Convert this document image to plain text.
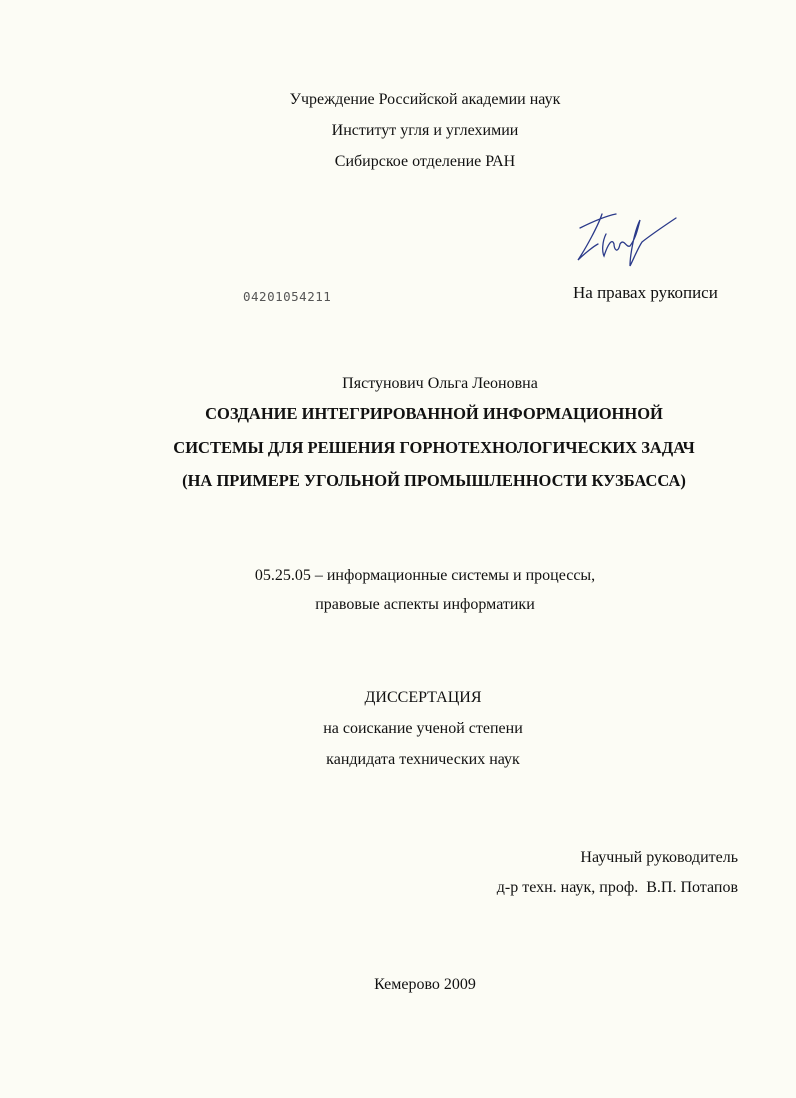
Учреждение Российской академии наук
Институт угля и углехимии
Сибирское отделение РАН
04201054211	На правах рукописи
Пястунович Ольга Леоновна
СОЗДАНИЕ ИНТЕГРИРОВАННОЙ ИНФОРМАЦИОННОЙ
СИСТЕМЫ ДЛЯ РЕШЕНИЯ ГОРНОТЕХНОЛОГИЧЕСКИХ ЗАДАЧ
(НА ПРИМЕРЕ УГОЛЬНОЙ ПРОМЫШЛЕННОСТИ КУЗБАССА)
05.25.05 – информационные системы и процессы,
правовые аспекты информатики
ДИССЕРТАЦИЯ
на соискание ученой степени
кандидата технических наук
Научный руководитель
д-р техн. наук, проф.  В.П. Потапов
Кемерово 2009
